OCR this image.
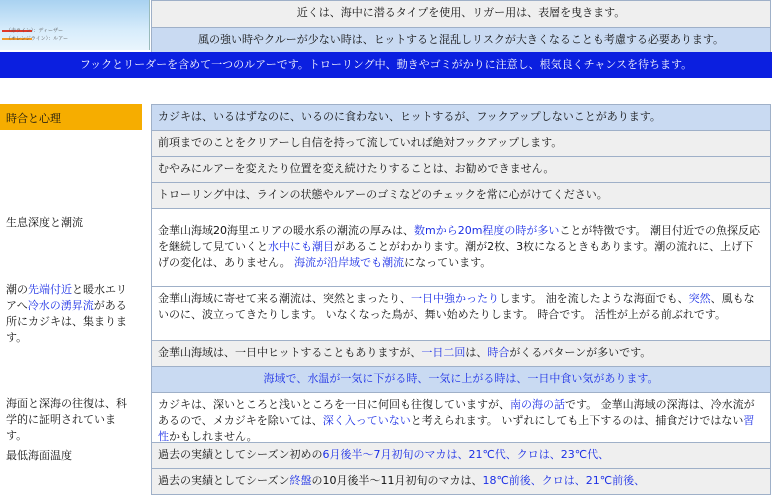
（赤ライン）：ディーザー
（オレンジライン）：ルアー
近くは、海中に潜るタイプを使用、リガー用は、表層を曳きます。
風の強い時やクルーが少ない時は、ヒットすると混乱しリスクが大きくなることも考慮する必要あります。
フックとリーダーを含めて一つのルアーです。トローリング中、動きやゴミがかりに注意し、根気良くチャンスを待ちます。
時合と心理	カジキは、いるはずなのに、いるのに食わない、ヒットするが、フックアップしないことがあります。
前項までのことをクリアーし自信を持って流していれば絶対フックアップします。
むやみにルアーを変えたり位置を変え続けたりすることは、お勧めできません。
トローリング中は、ラインの状態やルアーのゴミなどのチェックを常に心がけてください。
生息深度と潮流
金華山海域20海里エリアの暖水系の潮流の厚みは、数mから20m程度の時が多いことが特徴です。 潮目付近での魚探反応を継続して見ていくと水中にも潮目があることがわかります。潮が2枚、3枚になるときもあります。潮の流れに、上げ下げの変化は、ありません。 海流が沿岸域でも潮流になっています。
潮の先端付近と暖水エリアへ冷水の湧昇流がある所にカジキは、集まります。
金華山海域に寄せて来る潮流は、突然とまったり、一日中強かったりします。 油を流したような海面でも、突然、風もないのに、波立ってきたりします。 いなくなった鳥が、舞い始めたりします。 時合です。 活性が上がる前ぶれです。
金華山海域は、一日中ヒットすることもありますが、一日二回は、時合がくるパターンが多いです。
海域で、水温が一気に下がる時、一気に上がる時は、一日中食い気があります。
海面と深海の往復は、科学的に証明されています。
カジキは、深いところと浅いところを一日に何回も往復していますが、南の海の話です。 金華山海域の深海は、冷水流があるので、メカジキを除いては、深く入っていないと考えられます。 いずれにしても上下するのは、捕食だけではない習性かもしれません。
最低海面温度	過去の実績としてシーズン初めの6月後半〜7月初旬のマカは、21℃代、クロは、23℃代、
過去の実績としてシーズン終盤の10月後半〜11月初旬のマカは、18℃前後、クロは、21℃前後、
